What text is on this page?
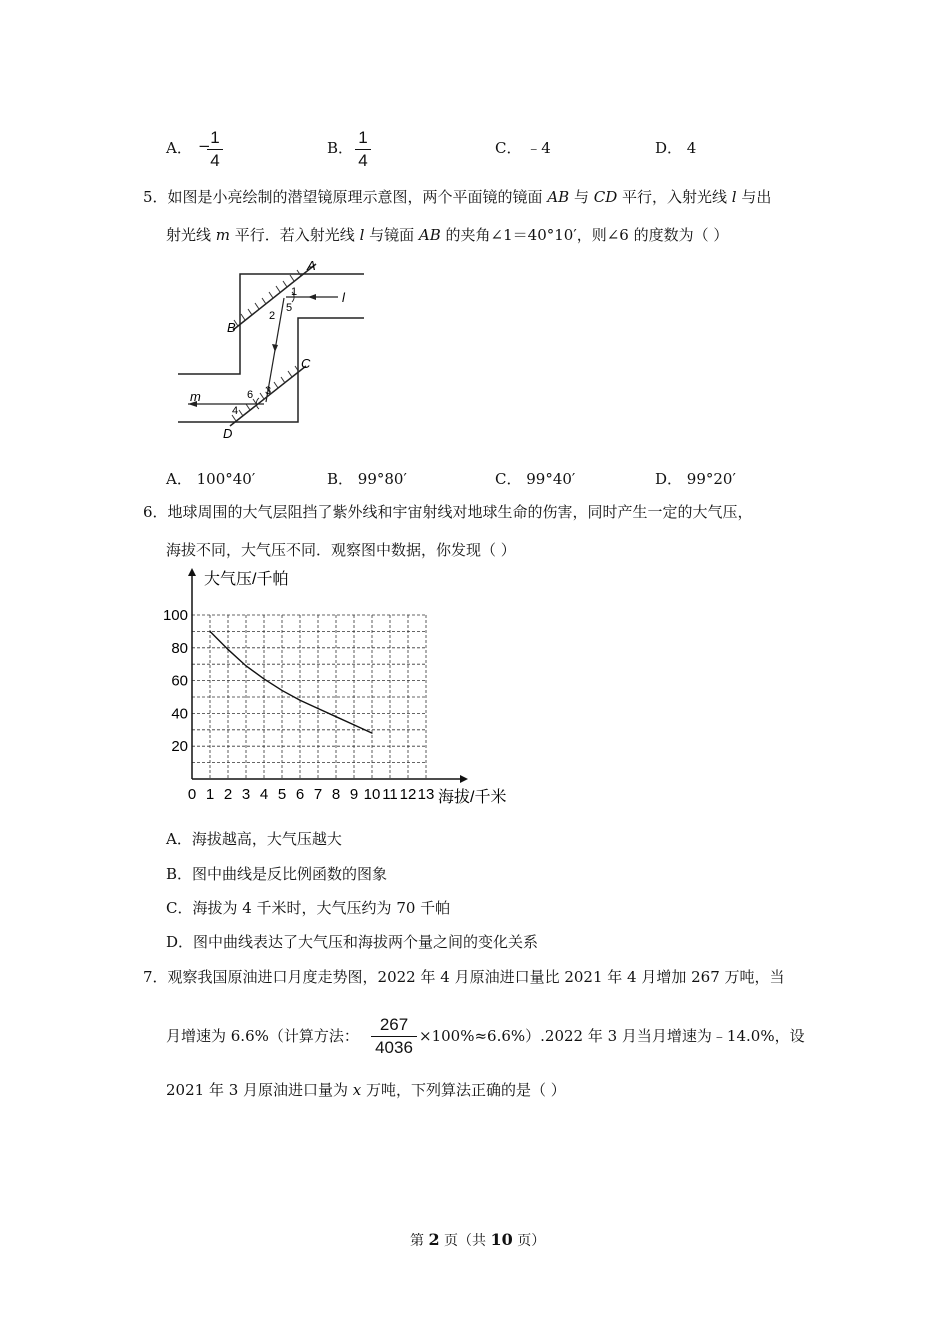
A． − 1
4
B．
1
4
C． ﹣4	D． 4
5．如图是小亮绘制的潜望镜原理示意图，两个平面镜的镜面 AB 与 CD 平行，入射光线 l 与出
射光线 m 平行．若入射光线 l 与镜面 AB 的夹角∠1＝40°10′，则∠6 的度数为（ ）
A
B
C
D
l
m
1
2
3
4
5
6
A． 100°40′	B． 99°80′	C． 99°40′	D． 99°20′
6．地球周围的大气层阻挡了紫外线和宇宙射线对地球生命的伤害，同时产生一定的大气压，
海拔不同，大气压不同．观察图中数据，你发现（ ）
0 1 2 3 4 5 6 7 8 9 10 11 12 13
20
40
60
80
100
大气压/千帕
海拔/千米
A．海拔越高，大气压越大
B．图中曲线是反比例函数的图象
C．海拔为 4 千米时，大气压约为 70 千帕
D．图中曲线表达了大气压和海拔两个量之间的变化关系
7．观察我国原油进口月度走势图，2022 年 4 月原油进口量比 2021 年 4 月增加 267 万吨，当
月增速为 6.6%（计算方法：
267
4036
×100%≈6.6%）.2022 年 3 月当月增速为﹣14.0%，设
2021 年 3 月原油进口量为 x 万吨，下列算法正确的是（ ）
第 2 页（共 10 页）
